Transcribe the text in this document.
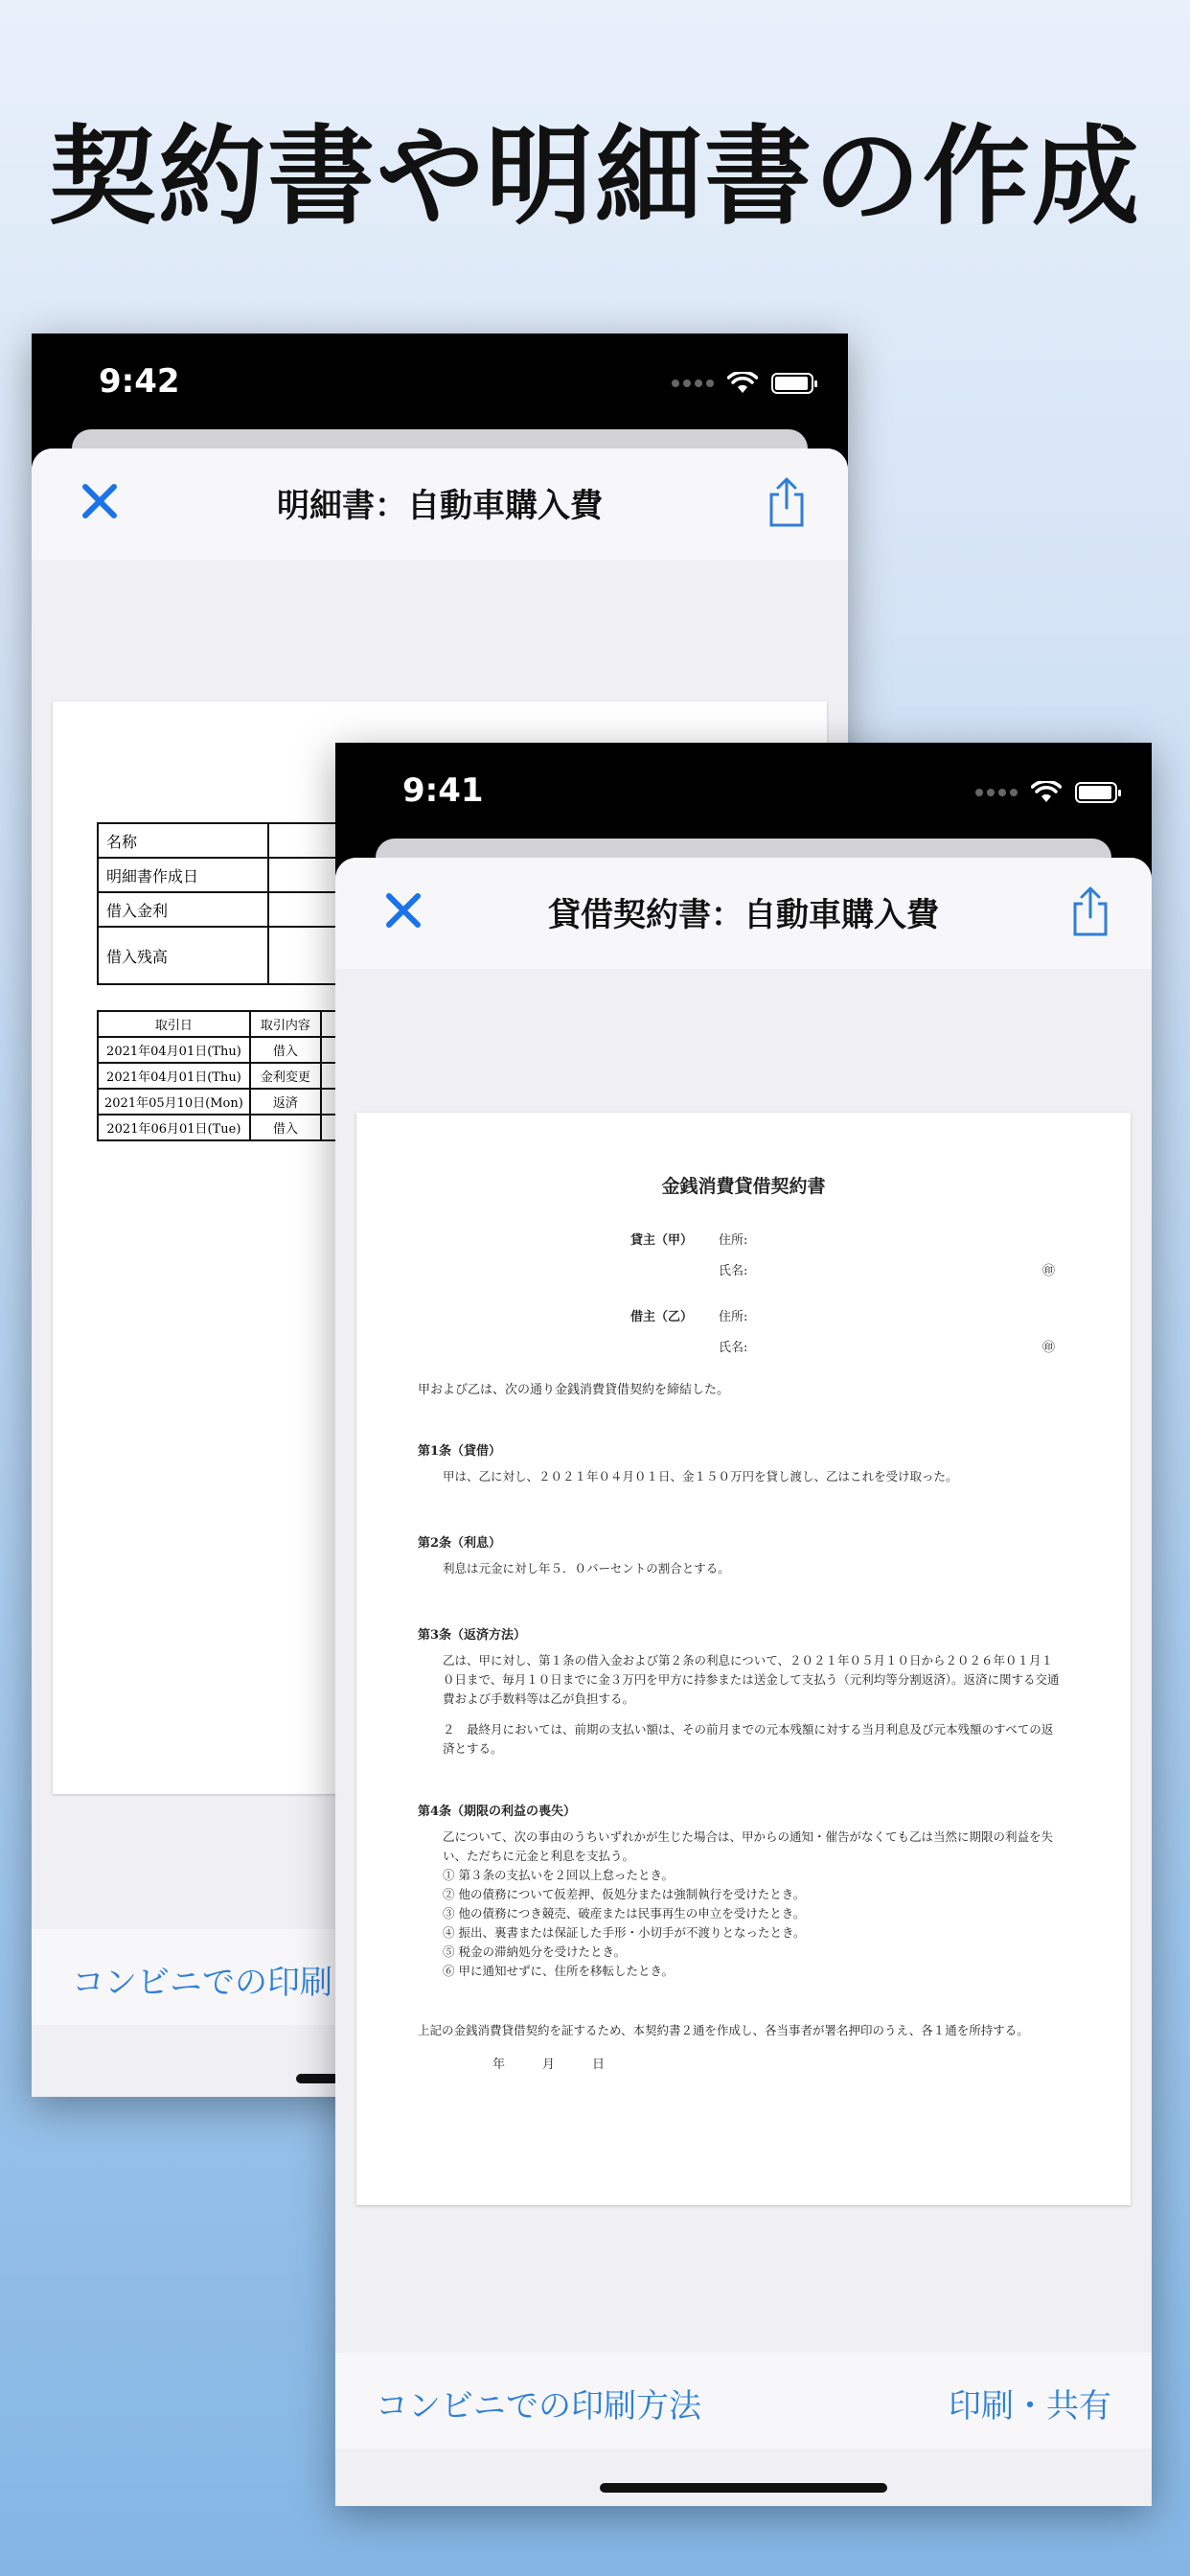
契約書や明細書の作成
9:42
明細書：自動車購入費
名称	
明細書作成日	
借入金利	
借入残高	
取引日	取引内容	
2021年04月01日(Thu)	借入	
2021年04月01日(Thu)	金利変更	
2021年05月10日(Mon)	返済	
2021年06月01日(Tue)	借入	
コンビニでの印刷
9:41
貸借契約書：自動車購入費
金銭消費貸借契約書
貸主（甲） 住所:
氏名:	㊞
借主（乙） 住所:
氏名:	㊞
甲および乙は、次の通り金銭消費貸借契約を締結した。
第1条（貸借）
甲は、乙に対し、２０２１年０４月０１日、金１５０万円を貸し渡し、乙はこれを受け取った。
第2条（利息）
利息は元金に対し年５．０パーセントの割合とする。
第3条（返済方法）
乙は、甲に対し、第１条の借入金および第２条の利息について、２０２１年０５月１０日から２０２６年０１月１０日まで、毎月１０日までに金３万円を甲方に持参または送金して支払う（元利均等分割返済）。返済に関する交通費および手数料等は乙が負担する。
２　最終月においては、前期の支払い額は、その前月までの元本残額に対する当月利息及び元本残額のすべての返済とする。
第4条（期限の利益の喪失）
乙について、次の事由のうちいずれかが生じた場合は、甲からの通知・催告がなくても乙は当然に期限の利益を失い、ただちに元金と利息を支払う。
① 第３条の支払いを２回以上怠ったとき。
② 他の債務について仮差押、仮処分または強制執行を受けたとき。
③ 他の債務につき競売、破産または民事再生の申立を受けたとき。
④ 振出、裏書または保証した手形・小切手が不渡りとなったとき。
⑤ 税金の滞納処分を受けたとき。
⑥ 甲に通知せずに、住所を移転したとき。
上記の金銭消費貸借契約を証するため、本契約書２通を作成し、各当事者が署名押印のうえ、各１通を所持する。
年　　　月　　　日
コンビニでの印刷方法	印刷・共有
